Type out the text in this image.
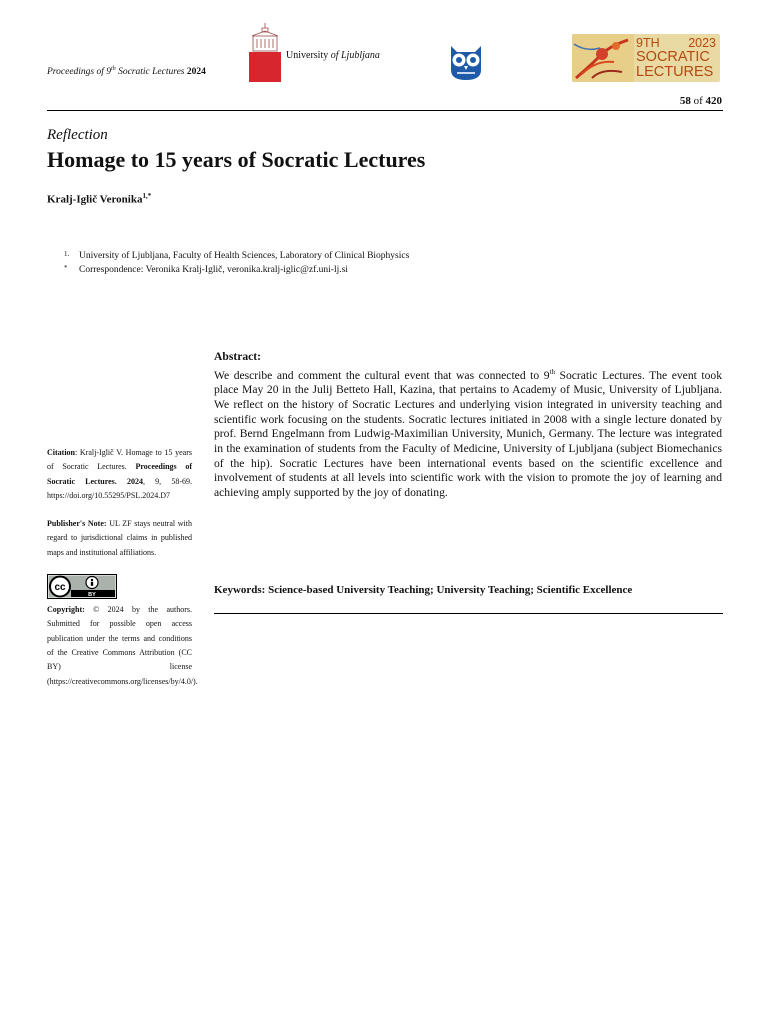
Proceedings of 9th Socratic Lectures 2024
University of Ljubljana
9TH 2023
SOCRATIC
LECTURES
58 of 420
Reflection
Homage to 15 years of Socratic Lectures
Kralj-Iglič Veronika$^{1,*}$
1. University of Ljubljana, Faculty of Health Sciences, Laboratory of Clinical Biophysics
* Correspondence: Veronika Kralj-Iglič, veronika.kralj-iglic@zf.uni-lj.si

Citation: Kralj-Iglič V. Homage to 15 years of Socratic Lectures. Proceedings of Socratic Lectures. 2024, 9, 58-69. https://doi.org/10.55295/PSL.2024.D7

Publisher's Note: UL ZF stays neutral with regard to jurisdictional claims in published maps and institutional affiliations.

cc
BY

Copyright: © 2024 by the authors. Submitted for possible open access publication under the terms and conditions of the Creative Commons Attribution (CC BY) license (https://creativecommons.org/licenses/by/4.0/).

Abstract:
We describe and comment the cultural event that was connected to 9th Socratic Lectures. The event took place May 20 in the Julij Betteto Hall, Kazina, that pertains to Academy of Music, University of Ljubljana. We reflect on the history of Socratic Lectures and underlying vision integrated in university teaching and scientific work focusing on the students. Socratic lectures initiated in 2008 with a single lecture donated by prof. Bernd Engelmann from Ludwig-Maximilian University, Munich, Germany. The lecture was integrated in the examination of students from the Faculty of Medicine, University of Ljubljana (subject Biomechanics of the hip). Socratic Lectures have been international events based on the scientific excellence and involvement of students at all levels into scientific work with the vision to promote the joy of learning and achieving amply supported by the joy of donating.
Keywords: Science-based University Teaching; University Teaching; Scientific Excellence
